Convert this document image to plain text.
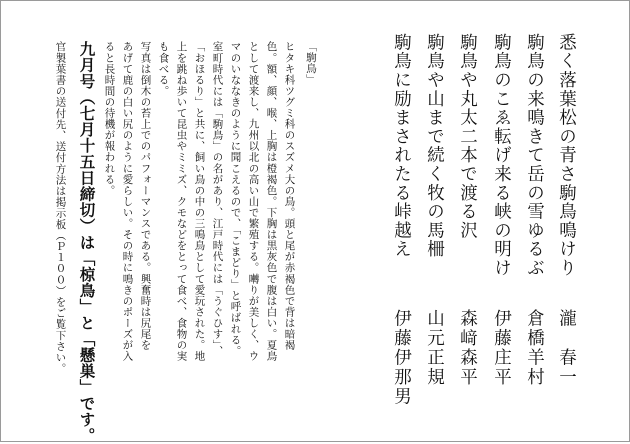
悉く落葉松の青さ駒鳥鳴けり
瀧　春一
駒鳥の来鳴きて岳の雪ゆるぶ
倉橋羊村
駒鳥のこゑ転げ来る峡の明け
伊藤庄平
駒鳥や丸太二本で渡る沢
森﨑森平
駒鳥や山まで続く牧の馬柵
山元正規
駒鳥に励まされたる峠越え
伊藤伊那男
「駒鳥」
ヒタキ科ツグミ科のスズメ大の鳥。頭と尾が赤褐色で背は暗褐
色。額、顔、喉、上胸は橙褐色。下胸は黒灰色で腹は白い。夏鳥
として渡来し、九州以北の高い山で繁殖する。囀りが美しく、ウ
マのいななきのように聞こえるので、「こまどり」と呼ばれる。
室町時代には「駒鳥」の名があり、江戸時代には「うぐひす」、
「おほるり」と共に、飼い鳥の中の三鳴鳥として愛玩された。地
上を跳ね歩いて昆虫やミミズ、クモなどをとって食べ、食物の実
も食べる。
写真は倒木の苔上でのパフォーマンスである。興奮時は尻尾を
あげて鹿の白い尻のように愛らしい。その時に鳴きのポーズが入
ると長時間の待機が報われる。
九月号（七月十五日締切）は「椋鳥」と「懸巣」です。
官製葉書の送付先、送付方法は掲示板（Ｐ１００）をご覧下さい。
